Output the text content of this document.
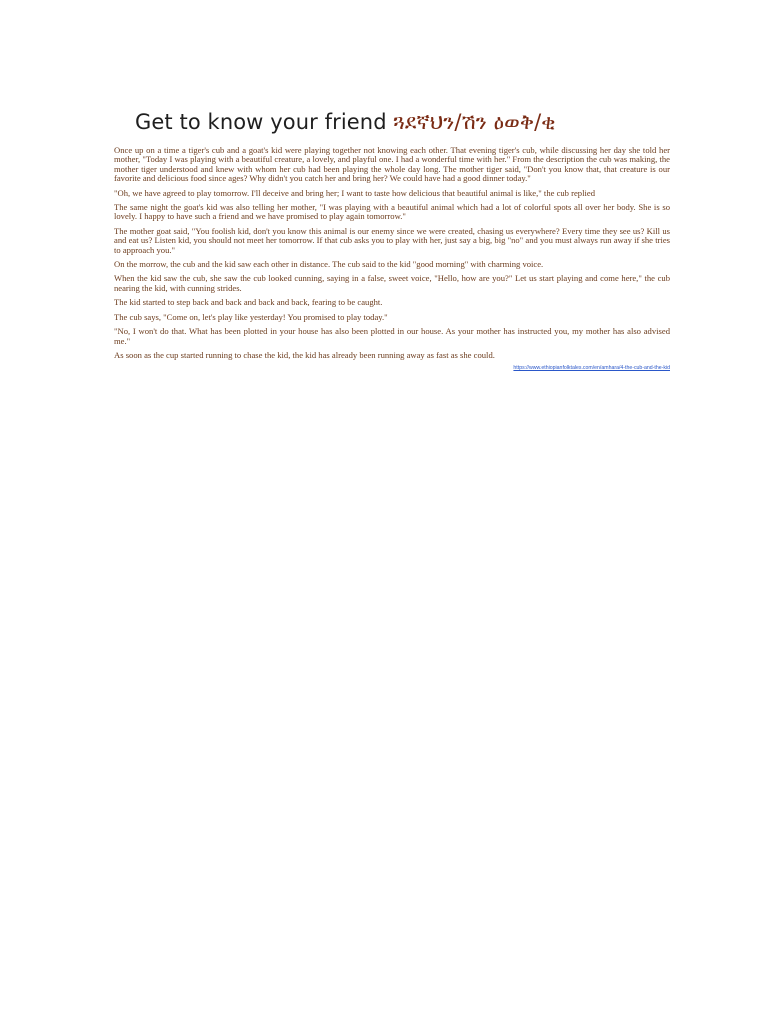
Get to know your friend ጓደኛህን/ሽን ዕወቅ/ቂ

Once up on a time a tiger's cub and a goat's kid were playing together not knowing each other. That evening tiger's cub, while discussing her day she told her mother, "Today I was playing with a beautiful creature, a lovely, and playful one. I had a wonderful time with her." From the description the cub was making, the mother tiger understood and knew with whom her cub had been playing the whole day long. The mother tiger said, "Don't you know that, that creature is our favorite and delicious food since ages? Why didn't you catch her and bring her? We could have had a good dinner today."

"Oh, we have agreed to play tomorrow. I'll deceive and bring her; I want to taste how delicious that beautiful animal is like," the cub replied

The same night the goat's kid was also telling her mother, "I was playing with a beautiful animal which had a lot of colorful spots all over her body. She is so lovely. I happy to have such a friend and we have promised to play again tomorrow."

The mother goat said, "You foolish kid, don't you know this animal is our enemy since we were created, chasing us everywhere? Every time they see us? Kill us and eat us? Listen kid, you should not meet her tomorrow. If that cub asks you to play with her, just say a big, big "no" and you must always run away if she tries to approach you."

On the morrow, the cub and the kid saw each other in distance. The cub said to the kid "good morning" with charming voice.

When the kid saw the cub, she saw the cub looked cunning, saying in a false, sweet voice, "Hello, how are you?" Let us start playing and come here," the cub nearing the kid, with cunning strides.

The kid started to step back and back and back and back, fearing to be caught.

The cub says, "Come on, let's play like yesterday! You promised to play today."

"No, I won't do that. What has been plotted in your house has also been plotted in our house. As your mother has instructed you, my mother has also advised me."

As soon as the cup started running to chase the kid, the kid has already been running away as fast as she could.

https://www.ethiopianfolktales.com/en/amhara/4-the-cub-and-the-kid
